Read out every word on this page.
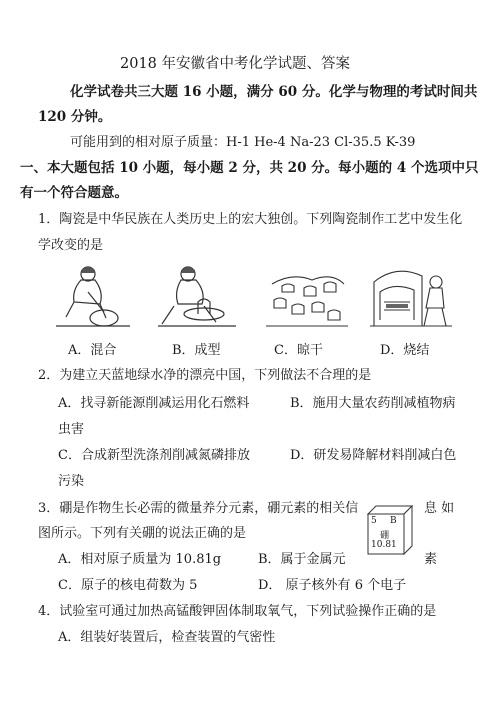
2018 年安徽省中考化学试题、答案
化学试卷共三大题 16 小题，满分 60 分。化学与物理的考试时间共
120 分钟。
可能用到的相对原子质量：H-1 He-4 Na-23 Cl-35.5 K-39
一、本大题包括 10 小题，每小题 2 分，共 20 分。每小题的 4 个选项中只
有一个符合题意。
1．陶瓷是中华民族在人类历史上的宏大独创。下列陶瓷制作工艺中发生化
学改变的是
A．混合	B．成型	C．晾干	D．烧结
2．为建立天蓝地绿水净的漂亮中国，下列做法不合理的是
A．找寻新能源削减运用化石燃料	B．施用大量农药削减植物病
虫害
C．合成新型洗涤剂削减氮磷排放	D．研发易降解材料削减白色
污染
3．硼是作物生长必需的微量养分元素，硼元素的相关信	息 如
图所示。下列有关硼的说法正确的是
5 B
硼
10.81
A．相对原子质量为 10.81g	B．属于金属元	素
C．原子的核电荷数为 5	D． 原子核外有 6 个电子
4．试验室可通过加热高锰酸钾固体制取氧气，下列试验操作正确的是
A．组装好装置后，检查装置的气密性
